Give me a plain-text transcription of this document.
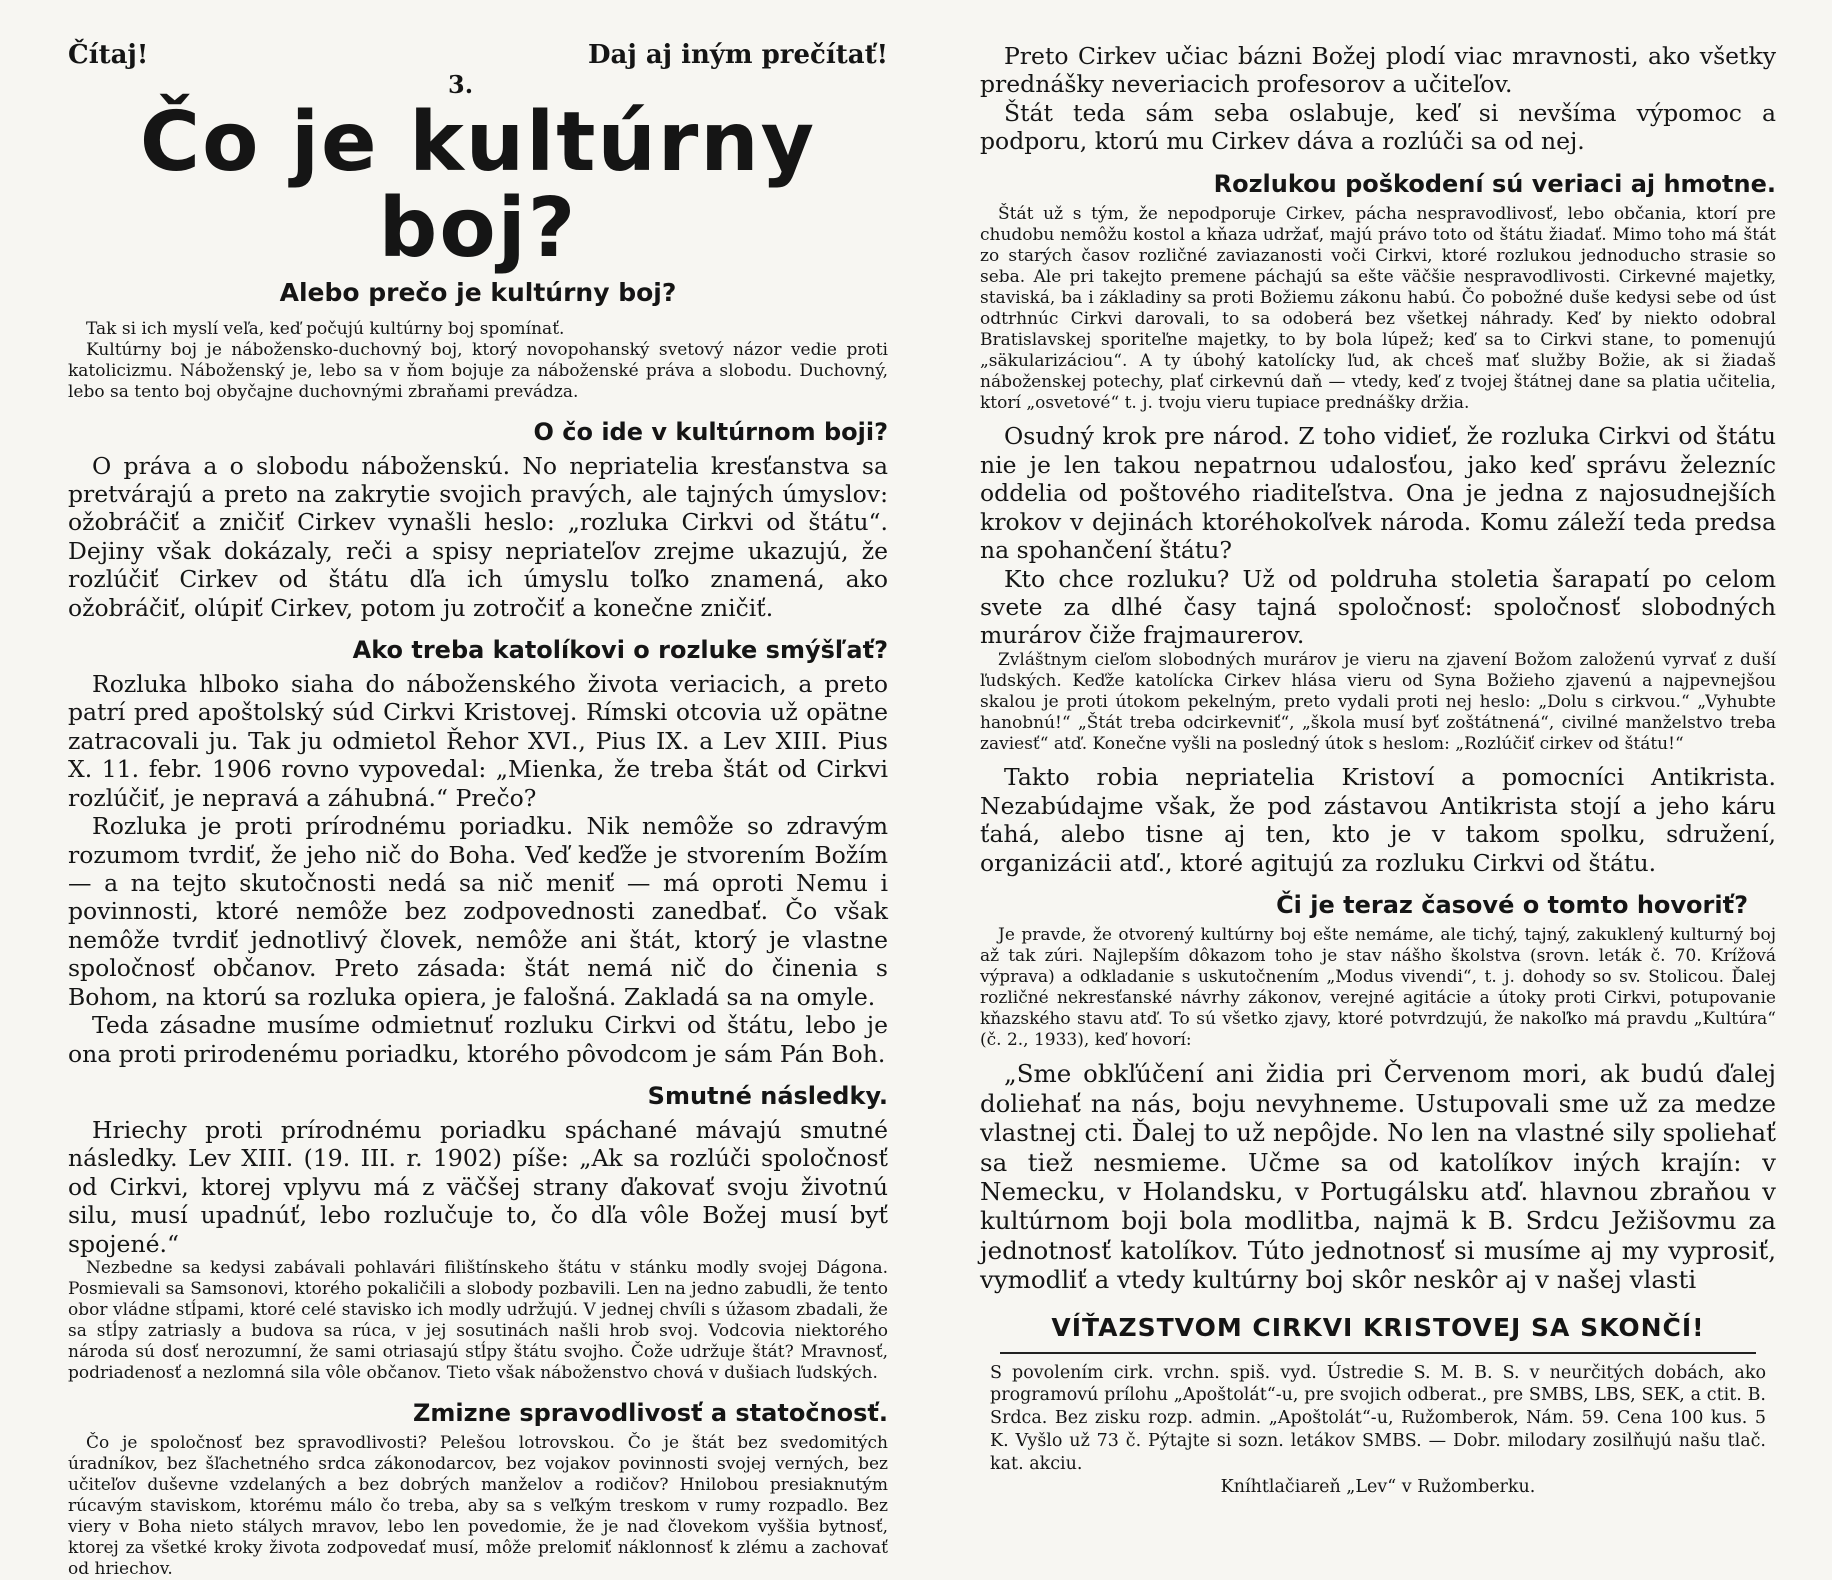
Čítaj!
3.
Daj aj iným prečítať!
Čo je kultúrny boj?
Alebo prečo je kultúrny boj?

Tak si ich myslí veľa, keď počujú kultúrny boj spomínať.

Kultúrny boj je nábožensko-duchovný boj, ktorý novopohanský svetový názor vedie proti katolicizmu. Náboženský je, lebo sa v ňom bojuje za náboženské práva a slobodu. Duchovný, lebo sa tento boj obyčajne duchovnými zbraňami prevádza.

O čo ide v kultúrnom boji?

O práva a o slobodu náboženskú. No nepriatelia kresťanstva sa pretvárajú a preto na zakrytie svojich pravých, ale tajných úmyslov: ožobráčiť a zničiť Cirkev vynašli heslo: „rozluka Cirkvi od štátu“. Dejiny však dokázaly, reči a spisy nepriateľov zrejme ukazujú, že rozlúčiť Cirkev od štátu dľa ich úmyslu toľko znamená, ako ožobráčiť, olúpiť Cirkev, potom ju zotročiť a konečne zničiť.

Ako treba katolíkovi o rozluke smýšľať?

Rozluka hlboko siaha do náboženského života veriacich, a preto patrí pred apoštolský súd Cirkvi Kristovej. Rímski otcovia už opätne zatracovali ju. Tak ju odmietol Řehor XVI., Pius IX. a Lev XIII. Pius X. 11. febr. 1906 rovno vypovedal: „Mienka, že treba štát od Cirkvi rozlúčiť, je nepravá a záhubná.“ Prečo?

Rozluka je proti prírodnému poriadku. Nik nemôže so zdravým rozumom tvrdiť, že jeho nič do Boha. Veď keďže je stvorením Božím — a na tejto skutočnosti nedá sa nič meniť — má oproti Nemu i povinnosti, ktoré nemôže bez zodpovednosti zanedbať. Čo však nemôže tvrdiť jednotlivý človek, nemôže ani štát, ktorý je vlastne spoločnosť občanov. Preto zásada: štát nemá nič do činenia s Bohom, na ktorú sa rozluka opiera, je falošná. Zakladá sa na omyle.

Teda zásadne musíme odmietnuť rozluku Cirkvi od štátu, lebo je ona proti prirodenému poriadku, ktorého pôvodcom je sám Pán Boh.

Smutné následky.

Hriechy proti prírodnému poriadku spáchané mávajú smutné následky. Lev XIII. (19. III. r. 1902) píše: „Ak sa rozlúči spoločnosť od Cirkvi, ktorej vplyvu má z väčšej strany ďakovať svoju životnú silu, musí upadnúť, lebo rozlučuje to, čo dľa vôle Božej musí byť spojené.“

Nezbedne sa kedysi zabávali pohlavári filištínskeho štátu v stánku modly svojej Dágona. Posmievali sa Samsonovi, ktorého pokaličili a slobody pozbavili. Len na jedno zabudli, že tento obor vládne stĺpami, ktoré celé stavisko ich modly udržujú. V jednej chvíli s úžasom zbadali, že sa stĺpy zatriasly a budova sa rúca, v jej sosutinách našli hrob svoj. Vodcovia niektorého národa sú dosť nerozumní, že sami otriasajú stĺpy štátu svojho. Čože udržuje štát? Mravnosť, podriadenosť a nezlomná sila vôle občanov. Tieto však náboženstvo chová v dušiach ľudských.

Zmizne spravodlivosť a statočnosť.

Čo je spoločnosť bez spravodlivosti? Pelešou lotrovskou. Čo je štát bez svedomitých úradníkov, bez šľachetného srdca zákonodarcov, bez vojakov povinnosti svojej verných, bez učiteľov duševne vzdelaných a bez dobrých manželov a rodičov? Hnilobou presiaknutým rúcavým staviskom, ktorému málo čo treba, aby sa s veľkým treskom v rumy rozpadlo. Bez viery v Boha nieto stálych mravov, lebo len povedomie, že je nad človekom vyššia bytnosť, ktorej za všetké kroky života zodpovedať musí, môže prelomiť náklonnosť k zlému a zachovať od hriechov.

Preto Cirkev učiac bázni Božej plodí viac mravnosti, ako všetky prednášky neveriacich profesorov a učiteľov.

Štát teda sám seba oslabuje, keď si nevšíma výpomoc a podporu, ktorú mu Cirkev dáva a rozlúči sa od nej.

Rozlukou poškodení sú veriaci aj hmotne.

Štát už s tým, že nepodporuje Cirkev, pácha nespravodlivosť, lebo občania, ktorí pre chudobu nemôžu kostol a kňaza udržať, majú právo toto od štátu žiadať. Mimo toho má štát zo starých časov rozličné zaviazanosti voči Cirkvi, ktoré rozlukou jednoducho strasie so seba. Ale pri takejto premene páchajú sa ešte väčšie nespravodlivosti. Cirkevné majetky, staviská, ba i základiny sa proti Božiemu zákonu habú. Čo pobožné duše kedysi sebe od úst odtrhnúc Cirkvi darovali, to sa odoberá bez všetkej náhrady. Keď by niekto odobral Bratislavskej sporiteľne majetky, to by bola lúpež; keď sa to Cirkvi stane, to pomenujú „säkularizáciou“. A ty úbohý katolícky ľud, ak chceš mať služby Božie, ak si žiadaš náboženskej potechy, plať cirkevnú daň — vtedy, keď z tvojej štátnej dane sa platia učitelia, ktorí „osvetové“ t. j. tvoju vieru tupiace prednášky držia.

Osudný krok pre národ. Z toho vidieť, že rozluka Cirkvi od štátu nie je len takou nepatrnou udalosťou, jako keď správu železníc oddelia od poštového riaditeľstva. Ona je jedna z najosudnejších krokov v dejinách ktoréhokoľvek národa. Komu záleží teda predsa na spohančení štátu?

Kto chce rozluku? Už od poldruha stoletia šarapatí po celom svete za dlhé časy tajná spoločnosť: spoločnosť slobodných murárov čiže frajmaurerov.

Zvláštnym cieľom slobodných murárov je vieru na zjavení Božom založenú vyrvať z duší ľudských. Keďže katolícka Cirkev hlása vieru od Syna Božieho zjavenú a najpevnejšou skalou je proti útokom pekelným, preto vydali proti nej heslo: „Dolu s cirkvou.“ „Vyhubte hanobnú!“ „Štát treba odcirkevniť“, „škola musí byť zoštátnená“, civilné manželstvo treba zaviesť“ atď. Konečne vyšli na posledný útok s heslom: „Rozlúčiť cirkev od štátu!“

Takto robia nepriatelia Kristoví a pomocníci Antikrista. Nezabúdajme však, že pod zástavou Antikrista stojí a jeho káru ťahá, alebo tisne aj ten, kto je v takom spolku, sdružení, organizácii atď., ktoré agitujú za rozluku Cirkvi od štátu.

Či je teraz časové o tomto hovoriť?

Je pravde, že otvorený kultúrny boj ešte nemáme, ale tichý, tajný, zakuklený kulturný boj až tak zúri. Najlepším dôkazom toho je stav nášho školstva (srovn. leták č. 70. Krížová výprava) a odkladanie s uskutočnením „Modus vivendi“, t. j. dohody so sv. Stolicou. Ďalej rozličné nekresťanské návrhy zákonov, verejné agitácie a útoky proti Cirkvi, potupovanie kňazského stavu atď. To sú všetko zjavy, ktoré potvrdzujú, že nakoľko má pravdu „Kultúra“ (č. 2., 1933), keď hovorí:

„Sme obkľúčení ani židia pri Červenom mori, ak budú ďalej doliehať na nás, boju nevyhneme. Ustupovali sme už za medze vlastnej cti. Ďalej to už nepôjde. No len na vlastné sily spoliehať sa tiež nesmieme. Učme sa od katolíkov iných krajín: v Nemecku, v Holandsku, v Portugálsku atď. hlavnou zbraňou v kultúrnom boji bola modlitba, najmä k B. Srdcu Ježišovmu za jednotnosť katolíkov. Túto jednotnosť si musíme aj my vyprosiť, vymodliť a vtedy kultúrny boj skôr neskôr aj v našej vlasti

VÍŤAZSTVOM CIRKVI KRISTOVEJ SA SKONČÍ!

S povolením cirk. vrchn. spiš. vyd. Ústredie S. M. B. S. v neurčitých dobách, ako programovú prílohu „Apoštolát“-u, pre svojich odberat., pre SMBS, LBS, SEK, a ctit. B. Srdca. Bez zisku rozp. admin. „Apoštolát“-u, Ružomberok, Nám. 59. Cena 100 kus. 5 K. Vyšlo už 73 č. Pýtajte si sozn. letákov SMBS. — Dobr. milodary zosilňujú našu tlač. kat. akciu.

Kníhtlačiareň „Lev“ v Ružomberku.
